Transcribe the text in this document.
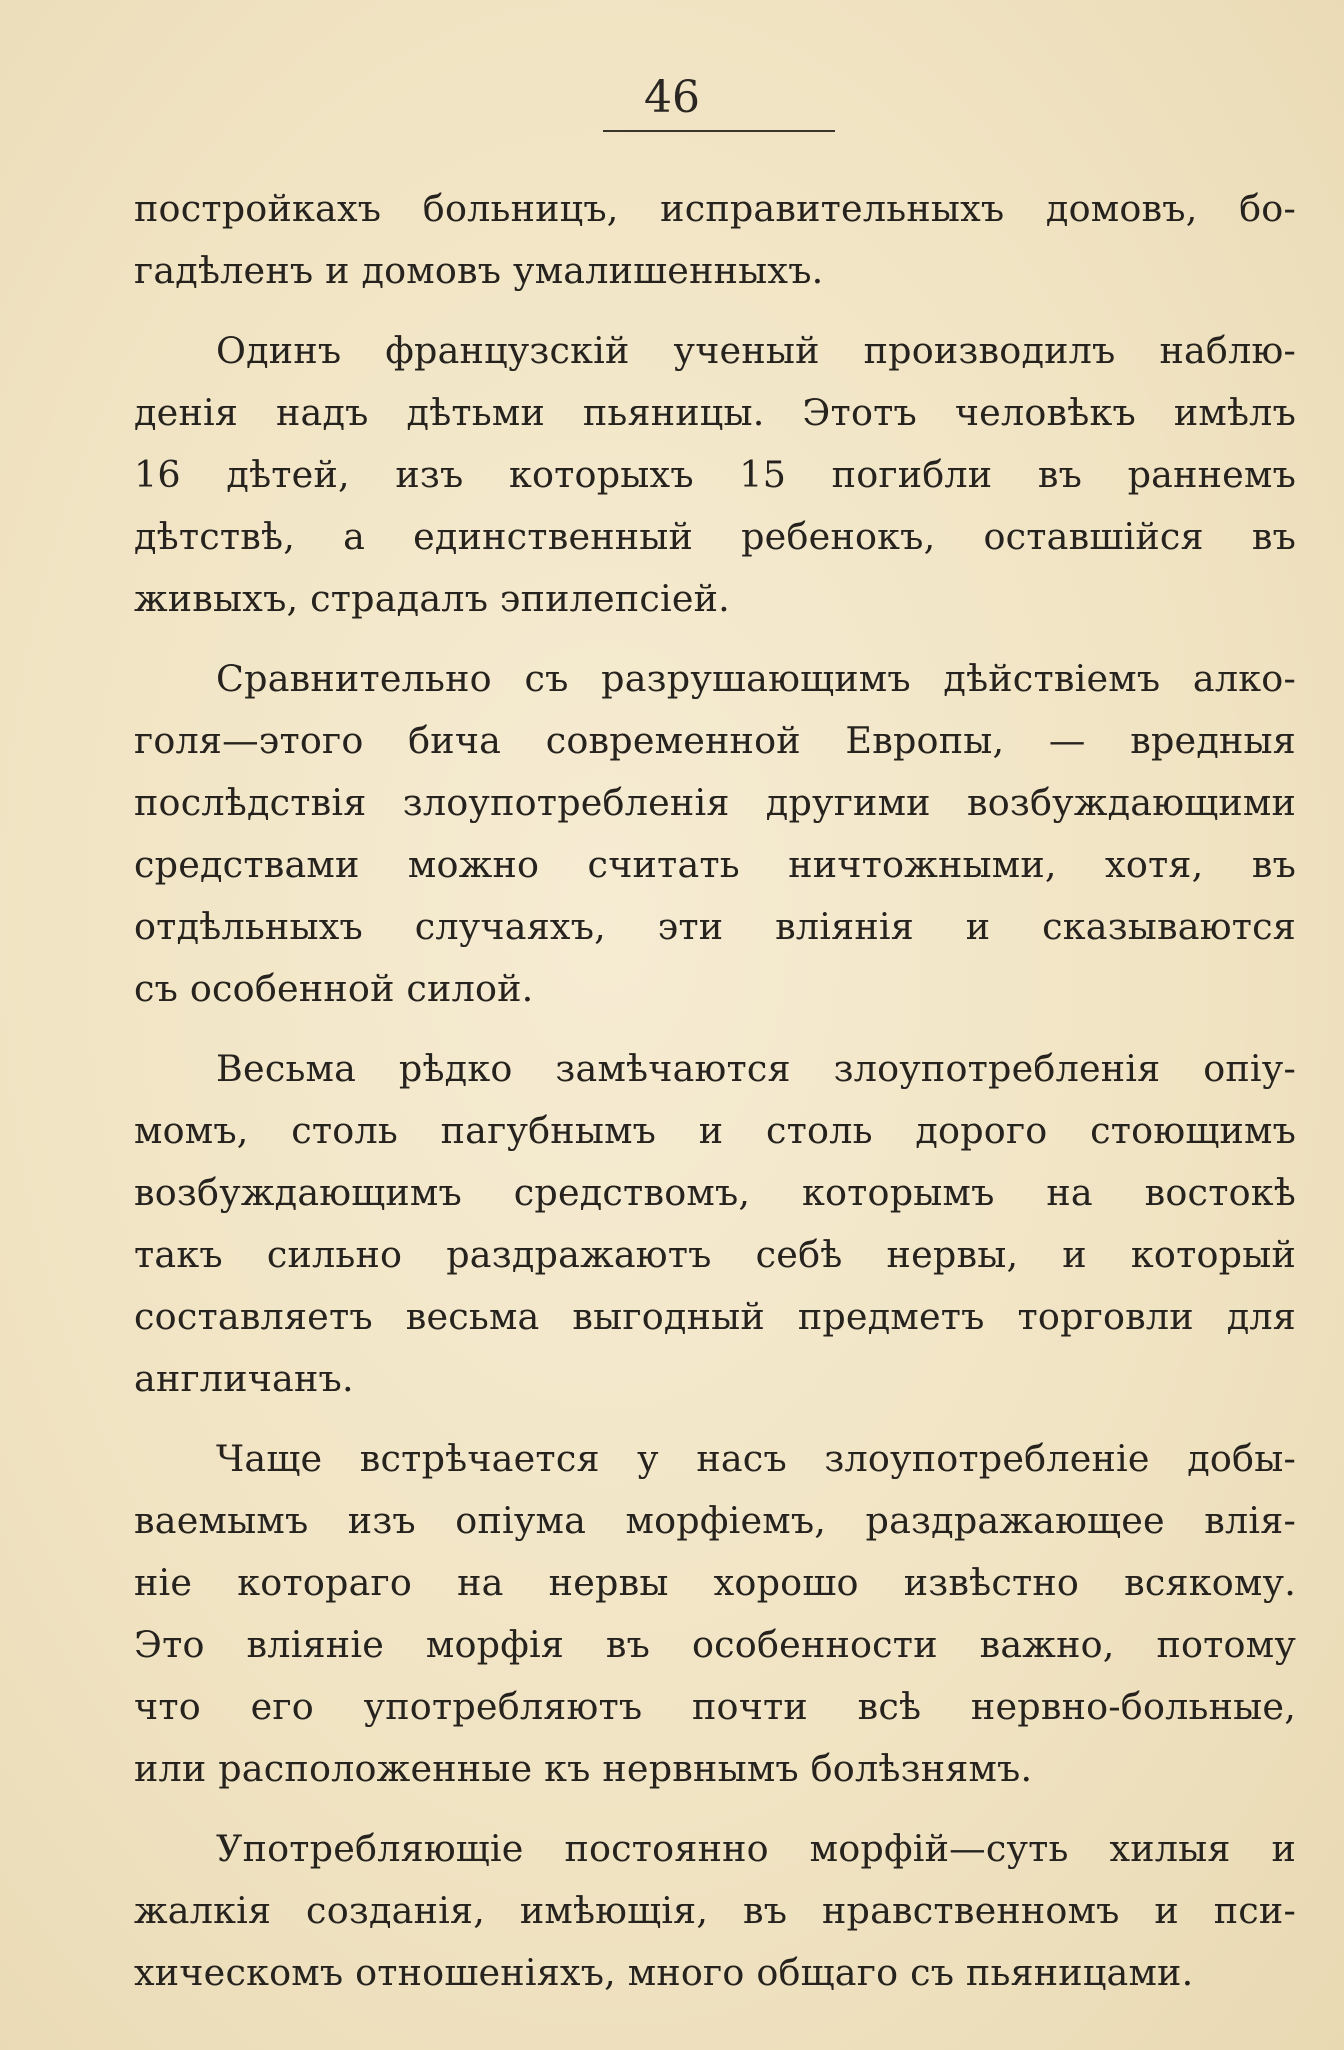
46
постройкахъ больницъ, исправительныхъ домовъ, бо-
гадѣленъ и домовъ умалишенныхъ.
Одинъ французскій ученый производилъ наблю-
денія надъ дѣтьми пьяницы. Этотъ человѣкъ имѣлъ
16 дѣтей, изъ которыхъ 15 погибли въ раннемъ
дѣтствѣ, а единственный ребенокъ, оставшійся въ
живыхъ, страдалъ эпилепсіей.
Сравнительно съ разрушающимъ дѣйствіемъ алко-
голя—этого бича современной Европы, — вредныя
послѣдствія злоупотребленія другими возбуждающими
средствами можно считать ничтожными, хотя, въ
отдѣльныхъ случаяхъ, эти вліянія и сказываются
съ особенной силой.
Весьма рѣдко замѣчаются злоупотребленія опіу-
момъ, столь пагубнымъ и столь дорого стоющимъ
возбуждающимъ средствомъ, которымъ на востокѣ
такъ сильно раздражаютъ себѣ нервы, и который
составляетъ весьма выгодный предметъ торговли для
англичанъ.
Чаще встрѣчается у насъ злоупотребленіе добы-
ваемымъ изъ опіума морфіемъ, раздражающее влія-
ніе котораго на нервы хорошо извѣстно всякому.
Это вліяніе морфія въ особенности важно, потому
что его употребляютъ почти всѣ нервно-больные,
или расположенные къ нервнымъ болѣзнямъ.
Употребляющіе постоянно морфій—суть хилыя и
жалкія созданія, имѣющія, въ нравственномъ и пси-
хическомъ отношеніяхъ, много общаго съ пьяницами.
